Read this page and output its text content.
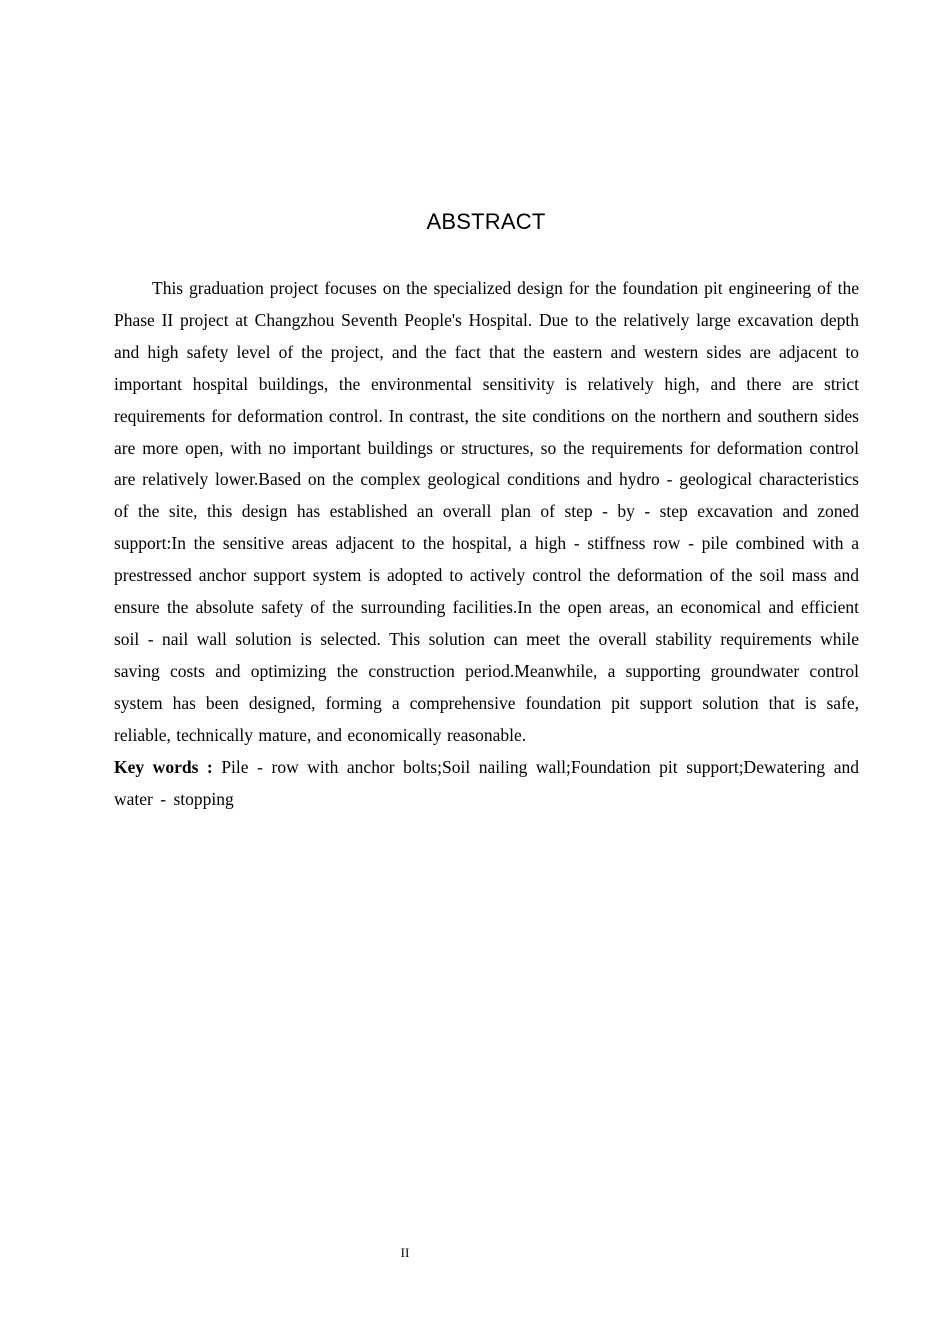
ABSTRACT

This graduation project focuses on the specialized design for the foundation pit engineering of the Phase II project at Changzhou Seventh People's Hospital. Due to the relatively large excavation depth and high safety level of the project, and the fact that the eastern and western sides are adjacent to important hospital buildings, the environmental sensitivity is relatively high, and there are strict requirements for deformation control. In contrast, the site conditions on the northern and southern sides are more open, with no important buildings or structures, so the requirements for deformation control are relatively lower.Based on the complex geological conditions and hydro - geological characteristics of the site, this design has established an overall plan of step - by - step excavation and zoned support:In the sensitive areas adjacent to the hospital, a high - stiffness row - pile combined with a prestressed anchor support system is adopted to actively control the deformation of the soil mass and ensure the absolute safety of the surrounding facilities.In the open areas, an economical and efficient soil - nail wall solution is selected. This solution can meet the overall stability requirements while saving costs and optimizing the construction period.Meanwhile, a supporting groundwater control system has been designed, forming a comprehensive foundation pit support solution that is safe, reliable, technically mature, and economically reasonable.

Key words : Pile - row with anchor bolts;Soil nailing wall;Foundation pit support;Dewatering and water - stopping

II
